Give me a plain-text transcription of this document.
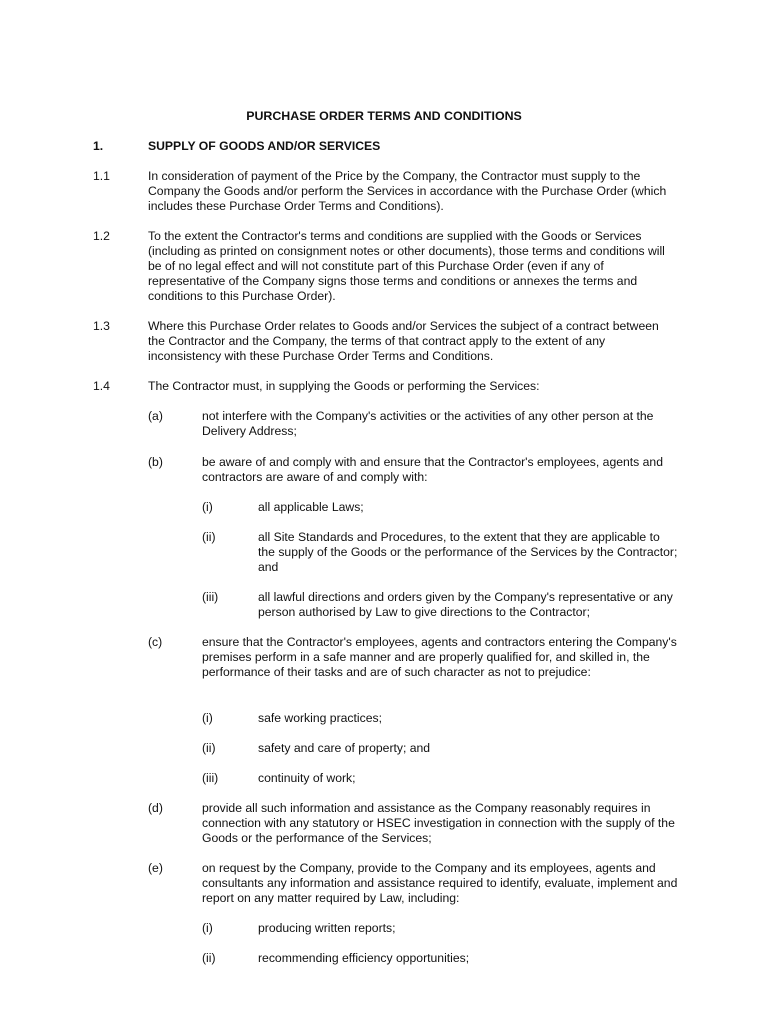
PURCHASE ORDER TERMS AND CONDITIONS
1.	SUPPLY OF GOODS AND/OR SERVICES
1.1	In consideration of payment of the Price by the Company, the Contractor must supply to the Company the Goods and/or perform the Services in accordance with the Purchase Order (which includes these Purchase Order Terms and Conditions).
1.2	To the extent the Contractor's terms and conditions are supplied with the Goods or Services (including as printed on consignment notes or other documents), those terms and conditions will be of no legal effect and will not constitute part of this Purchase Order (even if any of representative of the Company signs those terms and conditions or annexes the terms and conditions to this Purchase Order).
1.3	Where this Purchase Order relates to Goods and/or Services the subject of a contract between the Contractor and the Company, the terms of that contract apply to the extent of any inconsistency with these Purchase Order Terms and Conditions.
1.4	The Contractor must, in supplying the Goods or performing the Services:
(a)	not interfere with the Company's activities or the activities of any other person at the Delivery Address;
(b)	be aware of and comply with and ensure that the Contractor's employees, agents and contractors are aware of and comply with:
(i)	all applicable Laws;
(ii)	all Site Standards and Procedures, to the extent that they are applicable to the supply of the Goods or the performance of the Services by the Contractor; and
(iii)	all lawful directions and orders given by the Company's representative or any person authorised by Law to give directions to the Contractor;
(c)	ensure that the Contractor's employees, agents and contractors entering the Company's premises perform in a safe manner and are properly qualified for, and skilled in, the performance of their tasks and are of such character as not to prejudice:
(i)	safe working practices;
(ii)	safety and care of property; and
(iii)	continuity of work;
(d)	provide all such information and assistance as the Company reasonably requires in connection with any statutory or HSEC investigation in connection with the supply of the Goods or the performance of the Services;
(e)	on request by the Company, provide to the Company and its employees, agents and consultants any information and assistance required to identify, evaluate, implement and report on any matter required by Law, including:
(i)	producing written reports;
(ii)	recommending efficiency opportunities;
